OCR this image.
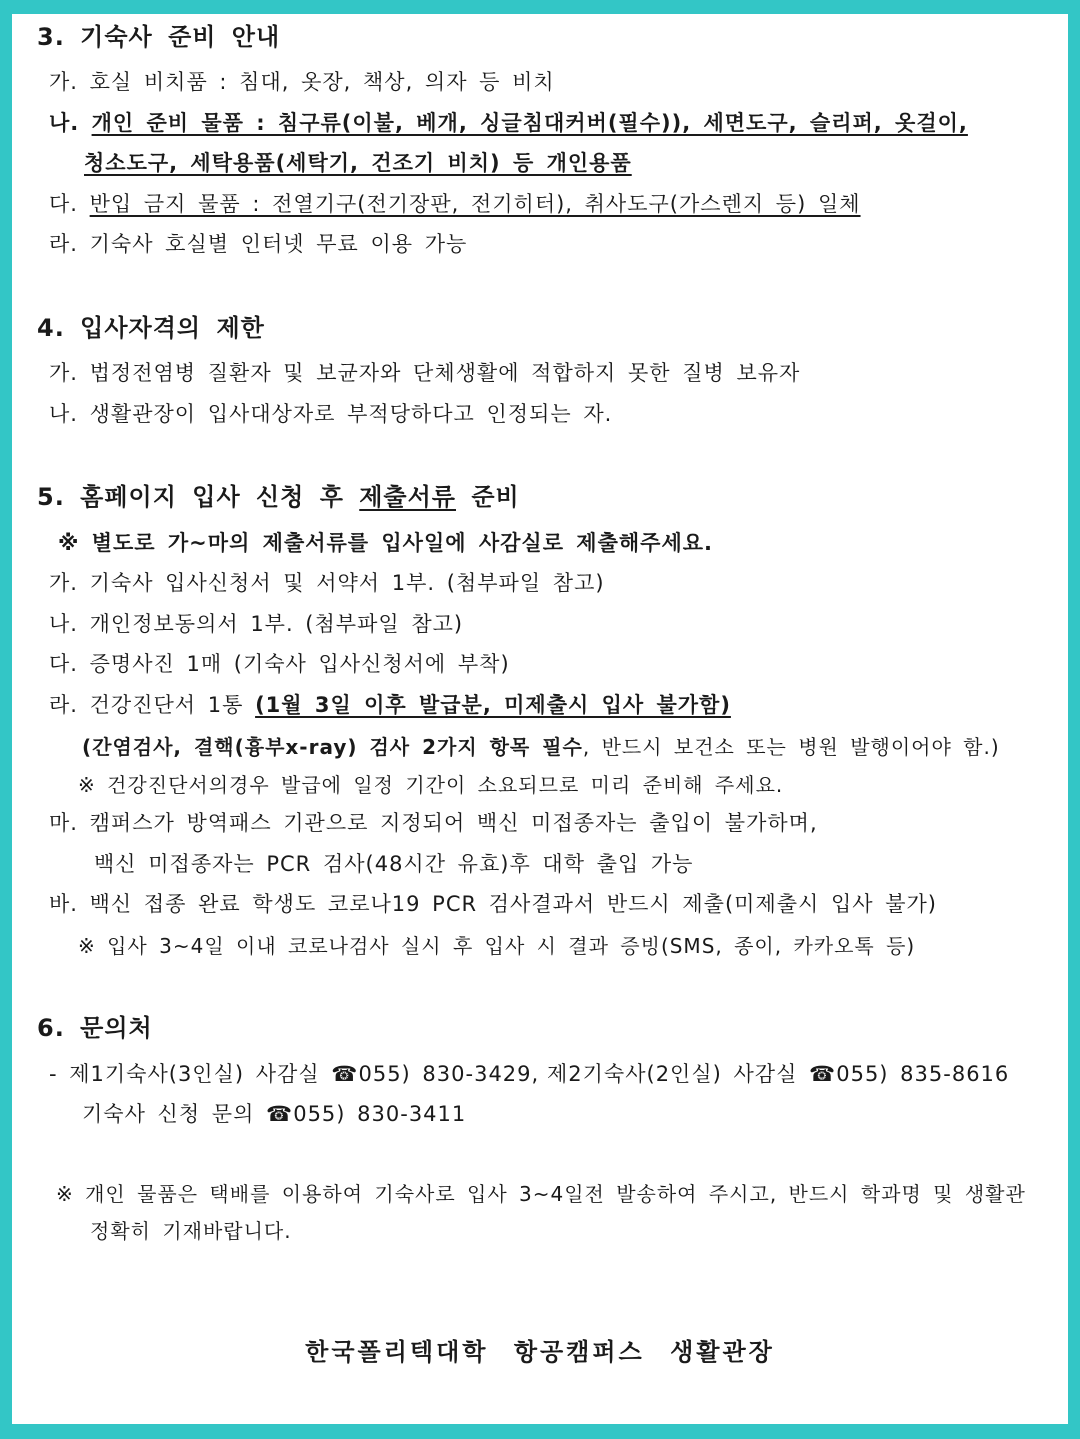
3. 기숙사 준비 안내
가. 호실 비치품 : 침대, 옷장, 책상, 의자 등 비치
나. 개인 준비 물품 : 침구류(이불, 베개, 싱글침대커버(필수)), 세면도구, 슬리퍼, 옷걸이,
청소도구, 세탁용품(세탁기, 건조기 비치) 등 개인용품
다. 반입 금지 물품 : 전열기구(전기장판, 전기히터), 취사도구(가스렌지 등) 일체
라. 기숙사 호실별 인터넷 무료 이용 가능
4. 입사자격의 제한
가. 법정전염병 질환자 및 보균자와 단체생활에 적합하지 못한 질병 보유자
나. 생활관장이 입사대상자로 부적당하다고 인정되는 자.
5. 홈페이지 입사 신청 후 제출서류 준비
※ 별도로 가~마의 제출서류를 입사일에 사감실로 제출해주세요.
가. 기숙사 입사신청서 및 서약서 1부. (첨부파일 참고)
나. 개인정보동의서 1부. (첨부파일 참고)
다. 증명사진 1매 (기숙사 입사신청서에 부착)
라. 건강진단서 1통 (1월 3일 이후 발급분, 미제출시 입사 불가함)
(간염검사, 결핵(흉부x-ray) 검사 2가지 항목 필수, 반드시 보건소 또는 병원 발행이어야 함.)
※ 건강진단서의경우 발급에 일정 기간이 소요되므로 미리 준비해 주세요.
마. 캠퍼스가 방역패스 기관으로 지정되어 백신 미접종자는 출입이 불가하며,
백신 미접종자는 PCR 검사(48시간 유효)후 대학 출입 가능
바. 백신 접종 완료 학생도 코로나19 PCR 검사결과서 반드시 제출(미제출시 입사 불가)
※ 입사 3~4일 이내 코로나검사 실시 후 입사 시 결과 증빙(SMS, 종이, 카카오톡 등)
6. 문의처
- 제1기숙사(3인실) 사감실 ☎055) 830-3429, 제2기숙사(2인실) 사감실 ☎055) 835-8616
기숙사 신청 문의 ☎055) 830-3411
※ 개인 물품은 택배를 이용하여 기숙사로 입사 3~4일전 발송하여 주시고, 반드시 학과명 및 생활관
정확히 기재바랍니다.
한국폴리텍대학 항공캠퍼스 생활관장
